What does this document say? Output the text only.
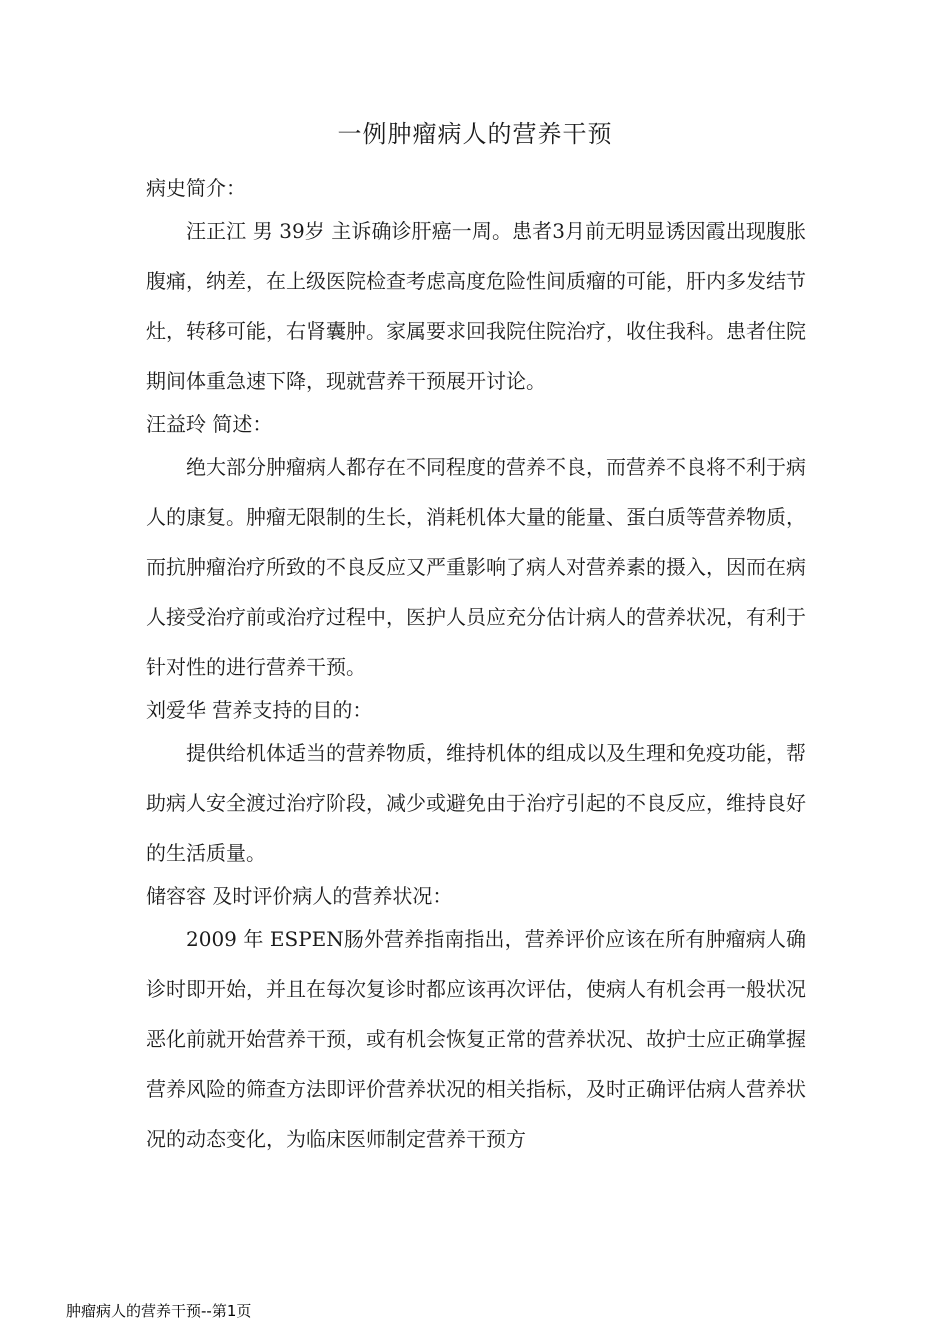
一例肿瘤病人的营养干预

病史简介：

汪正江 男 39岁 主诉确诊肝癌一周。患者3月前无明显诱因霞出现腹胀腹痛，纳差，在上级医院检查考虑高度危险性间质瘤的可能，肝内多发结节灶，转移可能，右肾囊肿。家属要求回我院住院治疗，收住我科。患者住院期间体重急速下降，现就营养干预展开讨论。

汪益玲 简述：

绝大部分肿瘤病人都存在不同程度的营养不良，而营养不良将不利于病人的康复。肿瘤无限制的生长，消耗机体大量的能量、蛋白质等营养物质，而抗肿瘤治疗所致的不良反应又严重影响了病人对营养素的摄入，因而在病人接受治疗前或治疗过程中，医护人员应充分估计病人的营养状况，有利于针对性的进行营养干预。

刘爱华 营养支持的目的：

提供给机体适当的营养物质，维持机体的组成以及生理和免疫功能，帮助病人安全渡过治疗阶段，减少或避免由于治疗引起的不良反应，维持良好的生活质量。

储容容 及时评价病人的营养状况：

2009 年 ESPEN肠外营养指南指出，营养评价应该在所有肿瘤病人确诊时即开始，并且在每次复诊时都应该再次评估，使病人有机会再一般状况恶化前就开始营养干预，或有机会恢复正常的营养状况、故护士应正确掌握营养风险的筛查方法即评价营养状况的相关指标，及时正确评估病人营养状况的动态变化，为临床医师制定营养干预方

肿瘤病人的营养干预--第1页
